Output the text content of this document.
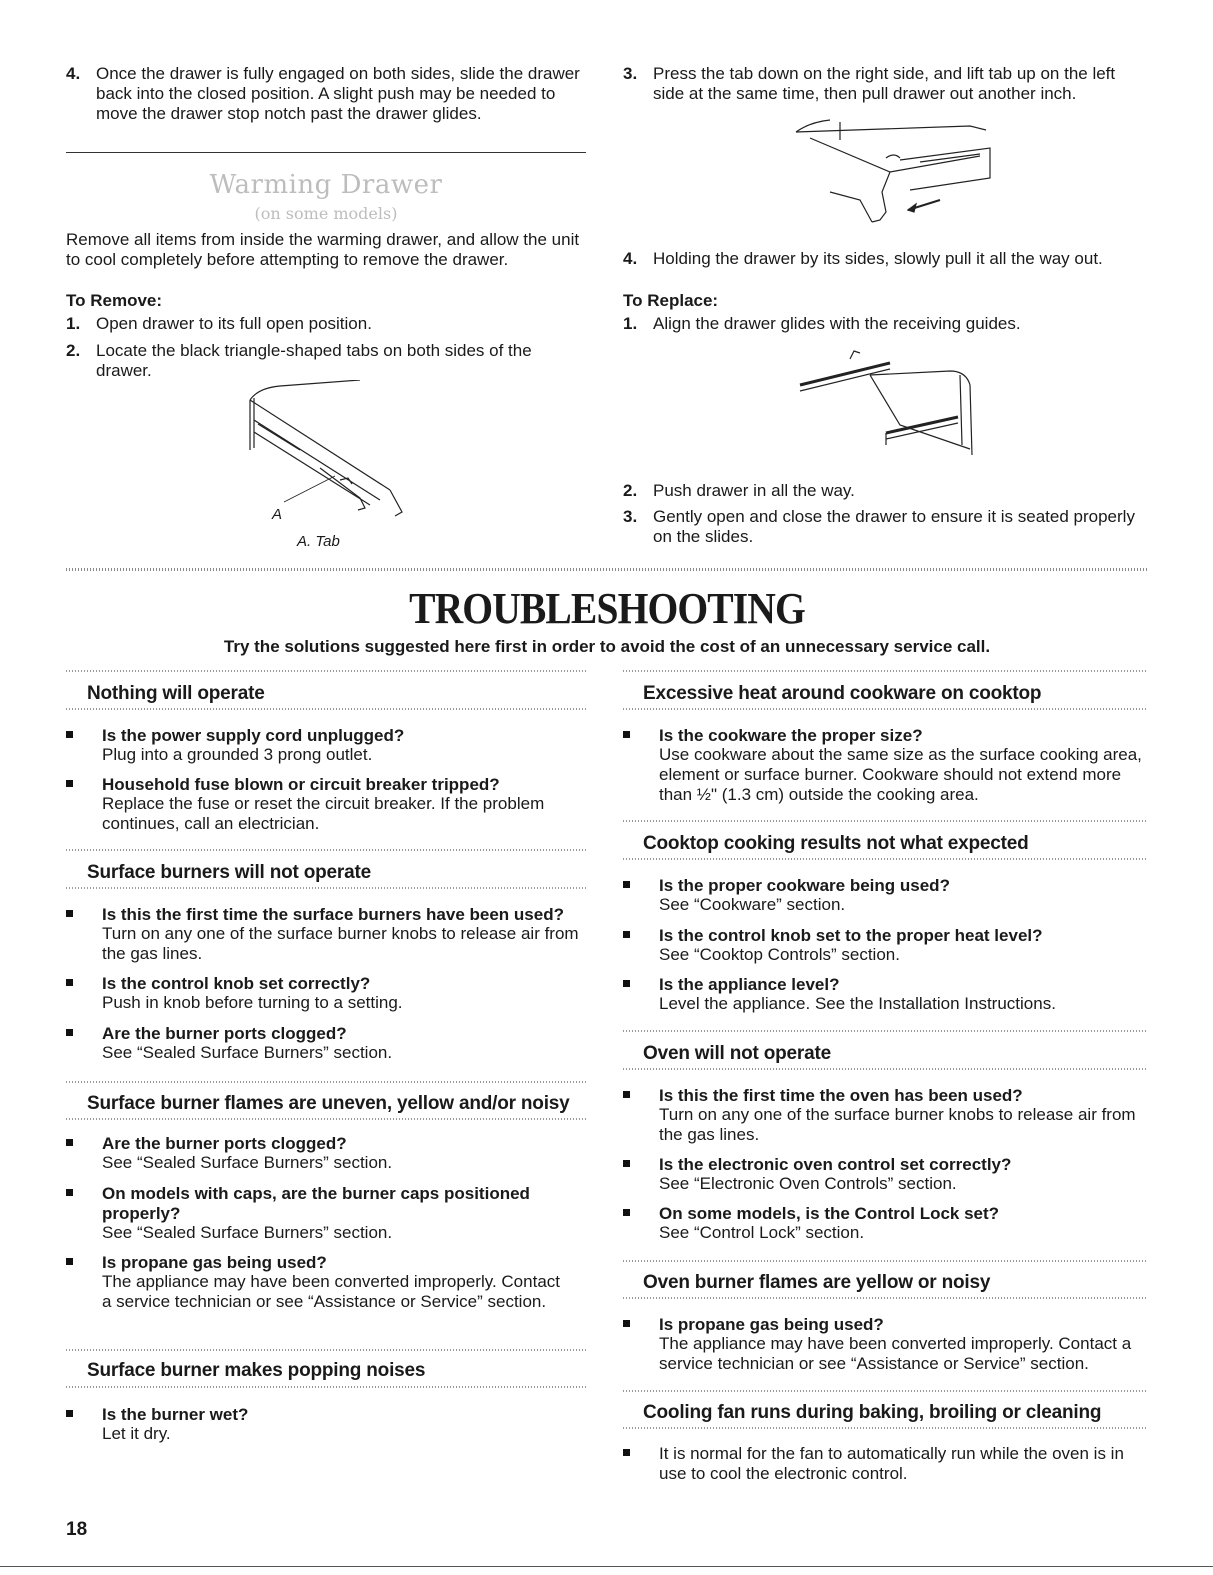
4. Once the drawer is fully engaged on both sides, slide the drawer back into the closed position. A slight push may be needed to move the drawer stop notch past the drawer glides.
Warming Drawer
(on some models)
Remove all items from inside the warming drawer, and allow the unit to cool completely before attempting to remove the drawer.
To Remove:
1. Open drawer to its full open position.
2. Locate the black triangle-shaped tabs on both sides of the drawer.
A
A. Tab
3. Press the tab down on the right side, and lift tab up on the left side at the same time, then pull drawer out another inch.
4. Holding the drawer by its sides, slowly pull it all the way out.
To Replace:
1. Align the drawer glides with the receiving guides.
2. Push drawer in all the way.
3. Gently open and close the drawer to ensure it is seated properly on the slides.
TROUBLESHOOTING
Try the solutions suggested here first in order to avoid the cost of an unnecessary service call.
Nothing will operate
Is the power supply cord unplugged?
Plug into a grounded 3 prong outlet.
Household fuse blown or circuit breaker tripped?
Replace the fuse or reset the circuit breaker. If the problem continues, call an electrician.
Surface burners will not operate
Is this the first time the surface burners have been used?
Turn on any one of the surface burner knobs to release air from the gas lines.
Is the control knob set correctly?
Push in knob before turning to a setting.
Are the burner ports clogged?
See “Sealed Surface Burners” section.
Surface burner flames are uneven, yellow and/or noisy
Are the burner ports clogged?
See “Sealed Surface Burners” section.
On models with caps, are the burner caps positioned properly?
See “Sealed Surface Burners” section.
Is propane gas being used?
The appliance may have been converted improperly. Contact a service technician or see “Assistance or Service” section.
Surface burner makes popping noises
Is the burner wet?
Let it dry.
Excessive heat around cookware on cooktop
Is the cookware the proper size?
Use cookware about the same size as the surface cooking area, element or surface burner. Cookware should not extend more than ½" (1.3 cm) outside the cooking area.
Cooktop cooking results not what expected
Is the proper cookware being used?
See “Cookware” section.
Is the control knob set to the proper heat level?
See “Cooktop Controls” section.
Is the appliance level?
Level the appliance. See the Installation Instructions.
Oven will not operate
Is this the first time the oven has been used?
Turn on any one of the surface burner knobs to release air from the gas lines.
Is the electronic oven control set correctly?
See “Electronic Oven Controls” section.
On some models, is the Control Lock set?
See “Control Lock” section.
Oven burner flames are yellow or noisy
Is propane gas being used?
The appliance may have been converted improperly. Contact a service technician or see “Assistance or Service” section.
Cooling fan runs during baking, broiling or cleaning
It is normal for the fan to automatically run while the oven is in use to cool the electronic control.
18
